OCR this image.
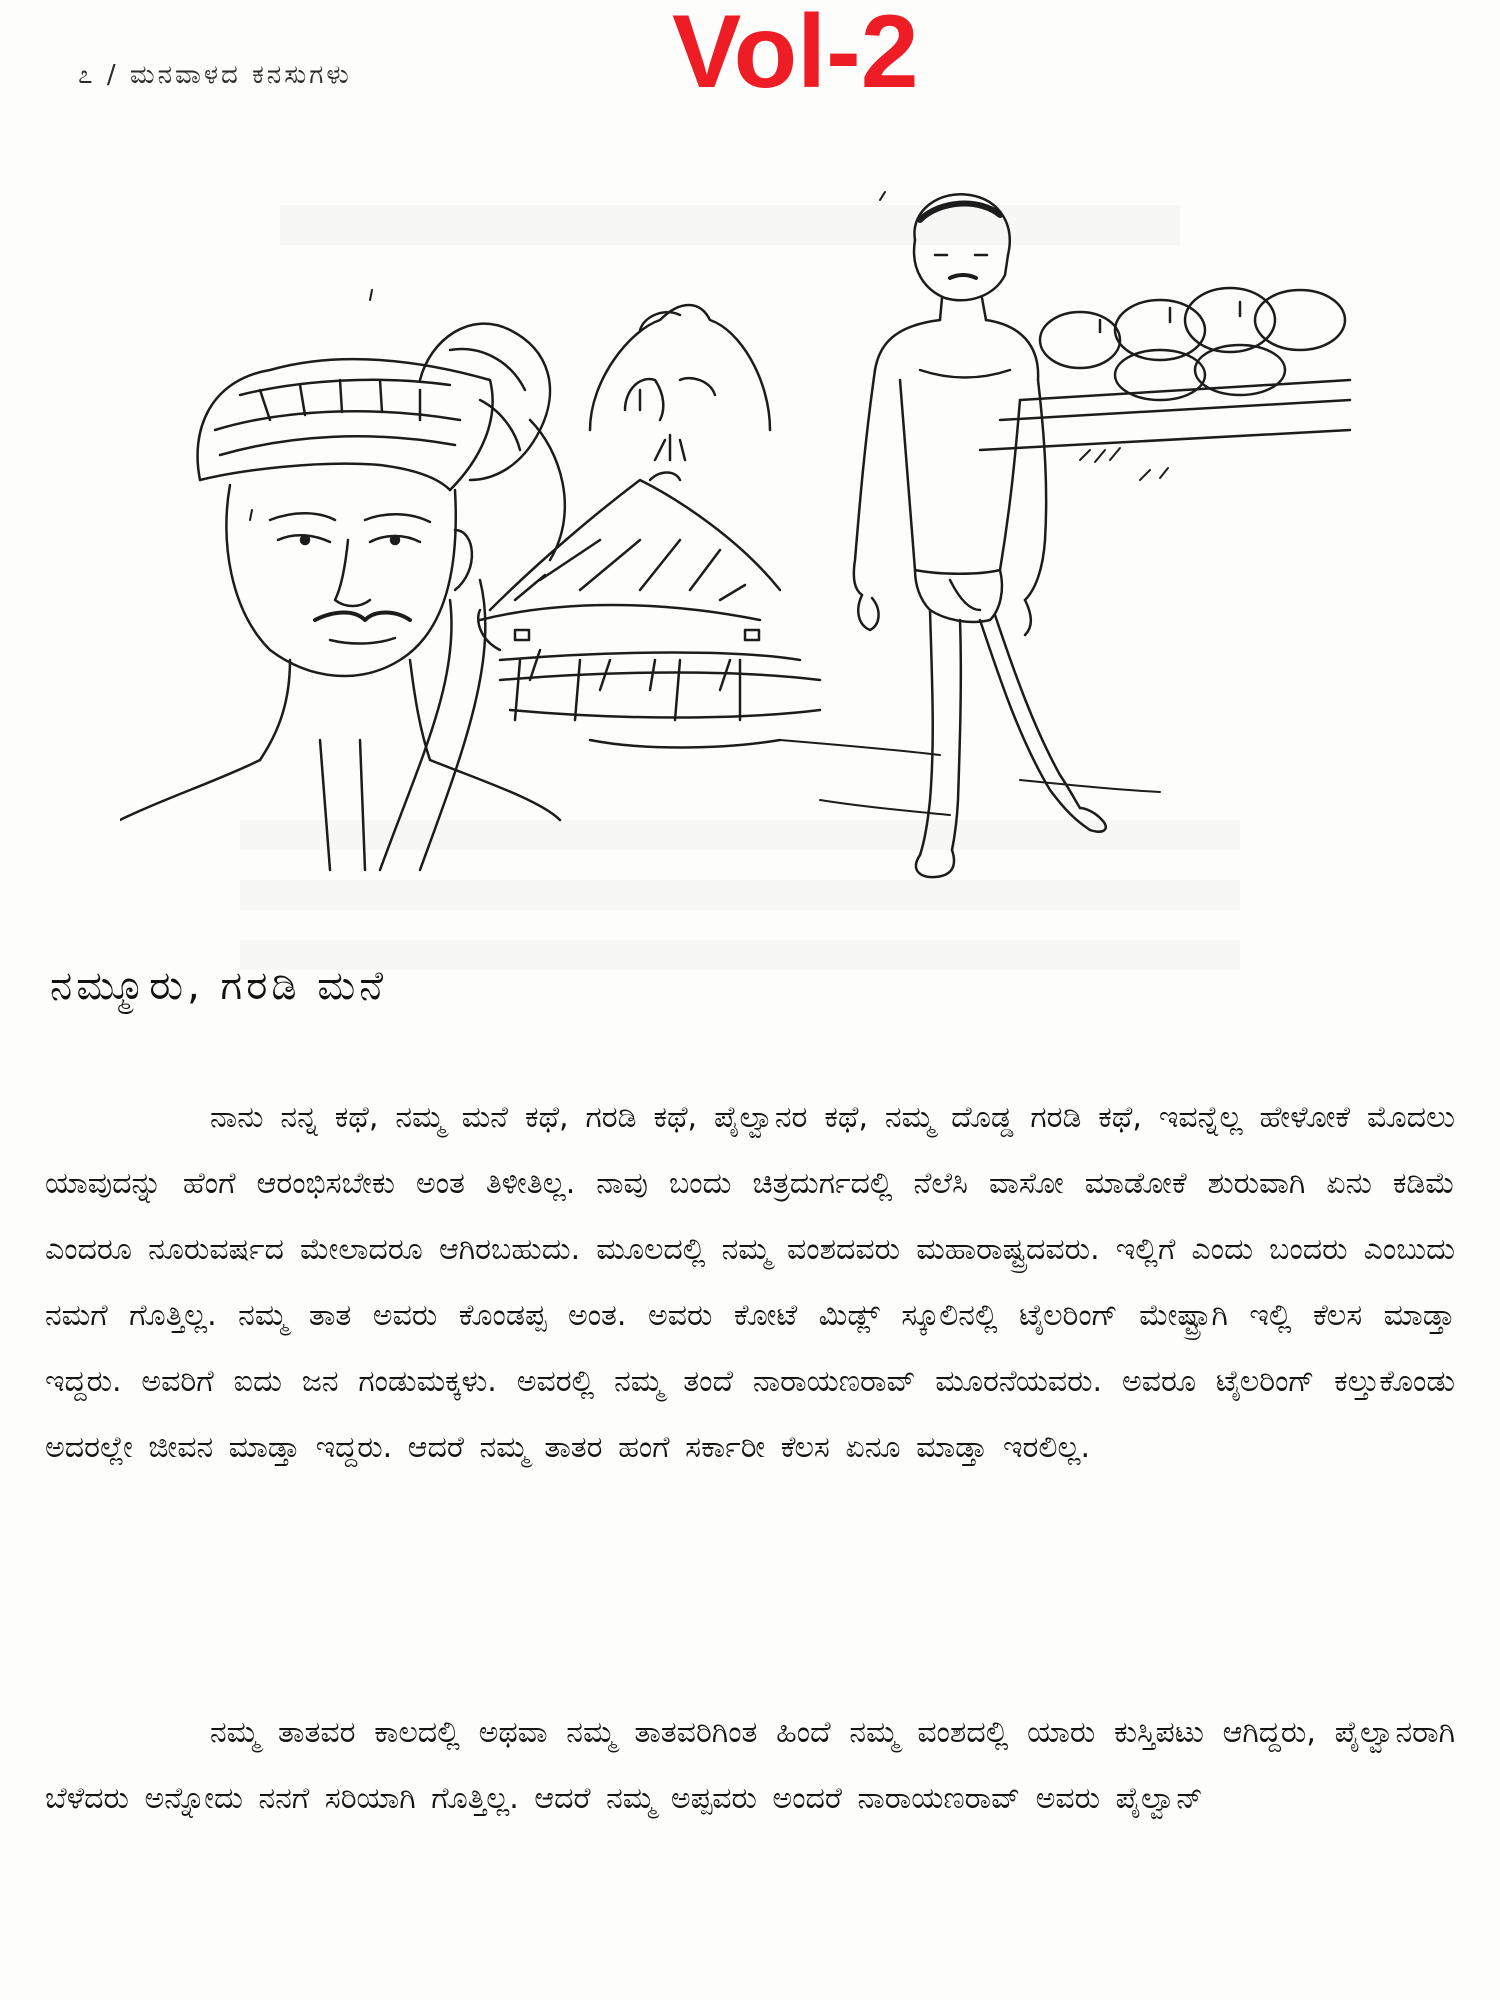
೭ / ಮನವಾಳದ ಕನಸುಗಳು	Vol-2
ನಮ್ಮೂರು, ಗರಡಿ ಮನೆ

ನಾನು ನನ್ನ ಕಥೆ, ನಮ್ಮ ಮನೆ ಕಥೆ, ಗರಡಿ ಕಥೆ, ಪೈಲ್ವಾನರ ಕಥೆ, ನಮ್ಮ ದೊಡ್ಡ ಗರಡಿ ಕಥೆ, ಇವನ್ನೆಲ್ಲ ಹೇಳೋಕೆ ಮೊದಲು ಯಾವುದನ್ನು ಹೆಂಗೆ ಆರಂಭಿಸಬೇಕು ಅಂತ ತಿಳೀತಿಲ್ಲ. ನಾವು ಬಂದು ಚಿತ್ರದುರ್ಗದಲ್ಲಿ ನೆಲೆಸಿ ವಾಸೋ ಮಾಡೋಕೆ ಶುರುವಾಗಿ ಏನು ಕಡಿಮೆ ಎಂದರೂ ನೂರುವರ್ಷದ ಮೇಲಾದರೂ ಆಗಿರಬಹುದು. ಮೂಲದಲ್ಲಿ ನಮ್ಮ ವಂಶದವರು ಮಹಾರಾಷ್ಟ್ರದವರು. ಇಲ್ಲಿಗೆ ಎಂದು ಬಂದರು ಎಂಬುದು ನಮಗೆ ಗೊತ್ತಿಲ್ಲ. ನಮ್ಮ ತಾತ ಅವರು ಕೊಂಡಪ್ಪ ಅಂತ. ಅವರು ಕೋಟೆ ಮಿಡ್ಲ್ ಸ್ಕೂಲಿನಲ್ಲಿ ಟೈಲರಿಂಗ್ ಮೇಷ್ಟ್ರಾಗಿ ಇಲ್ಲಿ ಕೆಲಸ ಮಾಡ್ತಾ ಇದ್ದರು. ಅವರಿಗೆ ಐದು ಜನ ಗಂಡುಮಕ್ಕಳು. ಅವರಲ್ಲಿ ನಮ್ಮ ತಂದೆ ನಾರಾಯಣರಾವ್ ಮೂರನೆಯವರು. ಅವರೂ ಟೈಲರಿಂಗ್ ಕಲ್ತುಕೊಂಡು ಅದರಲ್ಲೇ ಜೀವನ ಮಾಡ್ತಾ ಇದ್ದರು. ಆದರೆ ನಮ್ಮ ತಾತರ ಹಂಗೆ ಸರ್ಕಾರೀ ಕೆಲಸ ಏನೂ ಮಾಡ್ತಾ ಇರಲಿಲ್ಲ.

ನಮ್ಮ ತಾತವರ ಕಾಲದಲ್ಲಿ ಅಥವಾ ನಮ್ಮ ತಾತವರಿಗಿಂತ ಹಿಂದೆ ನಮ್ಮ ವಂಶದಲ್ಲಿ ಯಾರು ಕುಸ್ತಿಪಟು ಆಗಿದ್ದರು, ಪೈಲ್ವಾನರಾಗಿ ಬೆಳೆದರು ಅನ್ನೋದು ನನಗೆ ಸರಿಯಾಗಿ ಗೊತ್ತಿಲ್ಲ. ಆದರೆ ನಮ್ಮ ಅಪ್ಪವರು ಅಂದರೆ ನಾರಾಯಣರಾವ್ ಅವರು ಪೈಲ್ವಾನ್
